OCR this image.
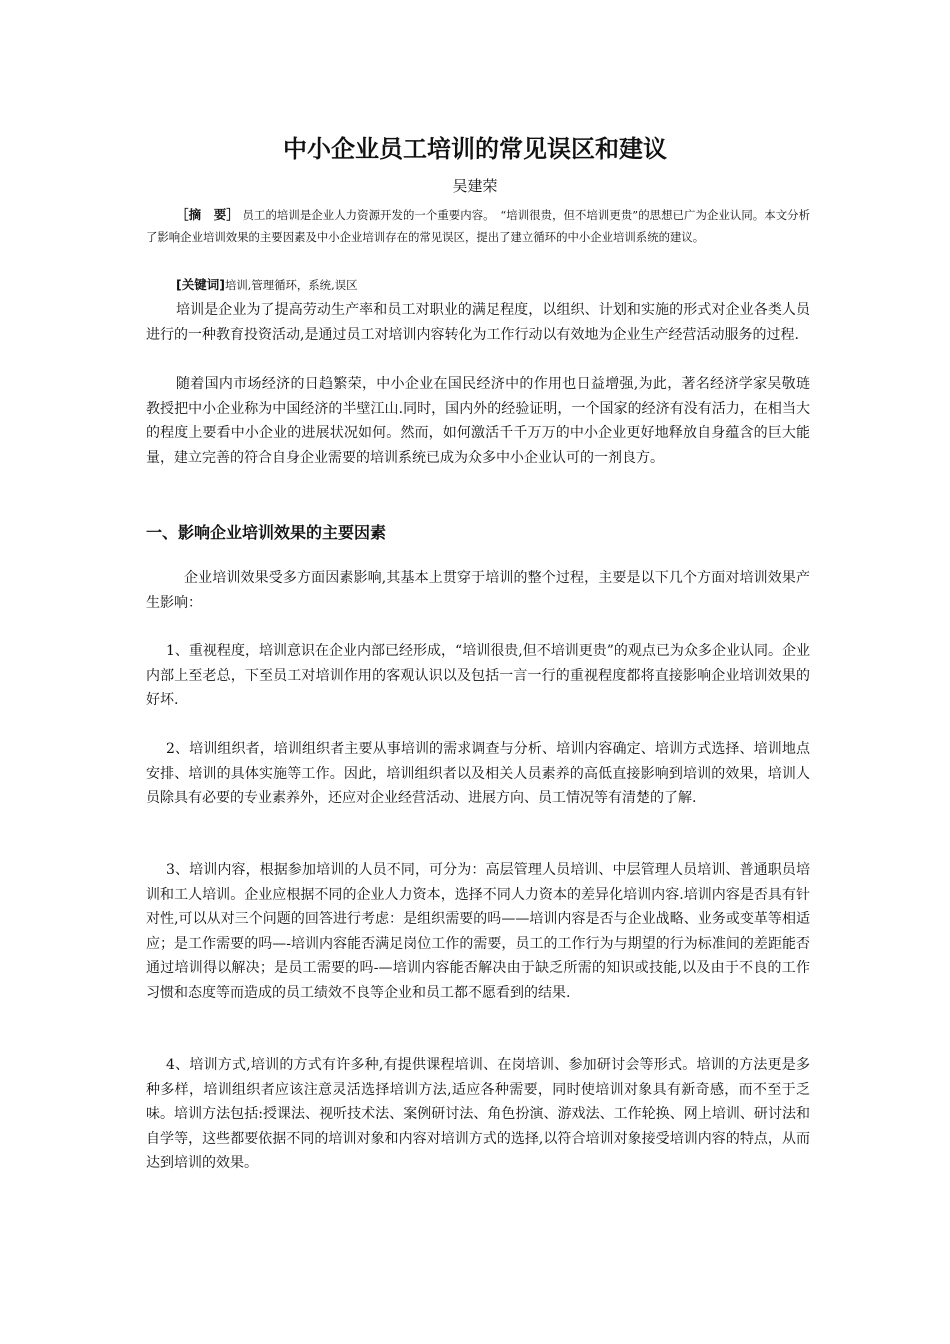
中小企业员工培训的常见误区和建议
吴建荣
［摘　要］ 员工的培训是企业人力资源开发的一个重要内容。　“培训很贵，但不培训更贵”的思想已广为企业认同。本文分析了影响企业培训效果的主要因素及中小企业培训存在的常见误区，提出了建立循环的中小企业培训系统的建议。
[关键词]培训,管理循环，系统,误区

培训是企业为了提高劳动生产率和员工对职业的满足程度，以组织、计划和实施的形式对企业各类人员进行的一种教育投资活动,是通过员工对培训内容转化为工作行动以有效地为企业生产经营活动服务的过程.

随着国内市场经济的日趋繁荣，中小企业在国民经济中的作用也日益增强,为此，著名经济学家吴敬琏教授把中小企业称为中国经济的半壁江山.同时，国内外的经验证明，一个国家的经济有没有活力，在相当大的程度上要看中小企业的进展状况如何。然而，如何激活千千万万的中小企业更好地释放自身蕴含的巨大能量，建立完善的符合自身企业需要的培训系统已成为众多中小企业认可的一剂良方。

一、影响企业培训效果的主要因素

企业培训效果受多方面因素影响,其基本上贯穿于培训的整个过程，主要是以下几个方面对培训效果产生影响：

1、重视程度，培训意识在企业内部已经形成，“培训很贵,但不培训更贵”的观点已为众多企业认同。企业内部上至老总，下至员工对培训作用的客观认识以及包括一言一行的重视程度都将直接影响企业培训效果的好坏.

2、培训组织者，培训组织者主要从事培训的需求调查与分析、培训内容确定、培训方式选择、培训地点安排、培训的具体实施等工作。因此，培训组织者以及相关人员素养的高低直接影响到培训的效果，培训人员除具有必要的专业素养外，还应对企业经营活动、进展方向、员工情况等有清楚的了解.

3、培训内容，根据参加培训的人员不同，可分为：高层管理人员培训、中层管理人员培训、普通职员培训和工人培训。企业应根据不同的企业人力资本，选择不同人力资本的差异化培训内容.培训内容是否具有针对性,可以从对三个问题的回答进行考虑：是组织需要的吗——培训内容是否与企业战略、业务或变革等相适应；是工作需要的吗—-培训内容能否满足岗位工作的需要，员工的工作行为与期望的行为标准间的差距能否通过培训得以解决；是员工需要的吗-—培训内容能否解决由于缺乏所需的知识或技能,以及由于不良的工作习惯和态度等而造成的员工绩效不良等企业和员工都不愿看到的结果.

4、培训方式,培训的方式有许多种,有提供课程培训、在岗培训、参加研讨会等形式。培训的方法更是多种多样，培训组织者应该注意灵活选择培训方法,适应各种需要，同时使培训对象具有新奇感，而不至于乏味。培训方法包括:授课法、视听技术法、案例研讨法、角色扮演、游戏法、工作轮换、网上培训、研讨法和自学等，这些都要依据不同的培训对象和内容对培训方式的选择,以符合培训对象接受培训内容的特点，从而达到培训的效果。
